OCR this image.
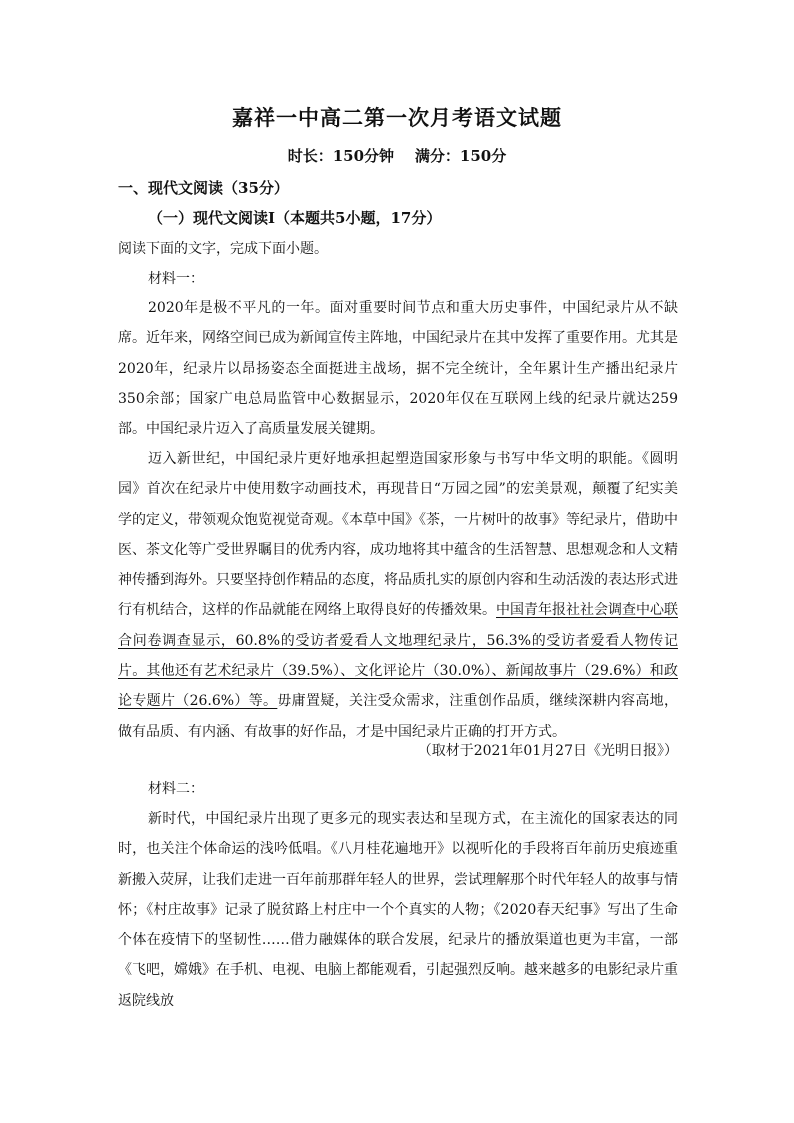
嘉祥一中高二第一次月考语文试题
时长：150分钟    满分：150分
一、现代文阅读（35分）
（一）现代文阅读Ⅰ（本题共5小题，17分）
阅读下面的文字，完成下面小题。
材料一：

2020年是极不平凡的一年。面对重要时间节点和重大历史事件，中国纪录片从不缺席。近年来，网络空间已成为新闻宣传主阵地，中国纪录片在其中发挥了重要作用。尤其是2020年，纪录片以昂扬姿态全面挺进主战场，据不完全统计，全年累计生产播出纪录片350余部；国家广电总局监管中心数据显示，2020年仅在互联网上线的纪录片就达259部。中国纪录片迈入了高质量发展关键期。

迈入新世纪，中国纪录片更好地承担起塑造国家形象与书写中华文明的职能。《圆明园》首次在纪录片中使用数字动画技术，再现昔日“万园之园”的宏美景观，颠覆了纪实美学的定义，带领观众饱览视觉奇观。《本草中国》《茶，一片树叶的故事》等纪录片，借助中医、茶文化等广受世界瞩目的优秀内容，成功地将其中蕴含的生活智慧、思想观念和人文精神传播到海外。只要坚持创作精品的态度，将品质扎实的原创内容和生动活泼的表达形式进行有机结合，这样的作品就能在网络上取得良好的传播效果。中国青年报社社会调查中心联合问卷调查显示，60.8%的受访者爱看人文地理纪录片，56.3%的受访者爱看人物传记片。其他还有艺术纪录片（39.5%）、文化评论片（30.0%）、新闻故事片（29.6%）和政论专题片（26.6%）等。毋庸置疑，关注受众需求，注重创作品质，继续深耕内容高地，做有品质、有内涵、有故事的好作品，才是中国纪录片正确的打开方式。

（取材于2021年01月27日《光明日报》）
材料二：

新时代，中国纪录片出现了更多元的现实表达和呈现方式，在主流化的国家表达的同时，也关注个体命运的浅吟低唱。《八月桂花遍地开》以视听化的手段将百年前历史痕迹重新搬入荧屏，让我们走进一百年前那群年轻人的世界，尝试理解那个时代年轻人的故事与情怀；《村庄故事》记录了脱贫路上村庄中一个个真实的人物；《2020春天纪事》写出了生命个体在疫情下的坚韧性……借力融媒体的联合发展，纪录片的播放渠道也更为丰富，一部《飞吧，嫦娥》在手机、电视、电脑上都能观看，引起强烈反响。越来越多的电影纪录片重返院线放
